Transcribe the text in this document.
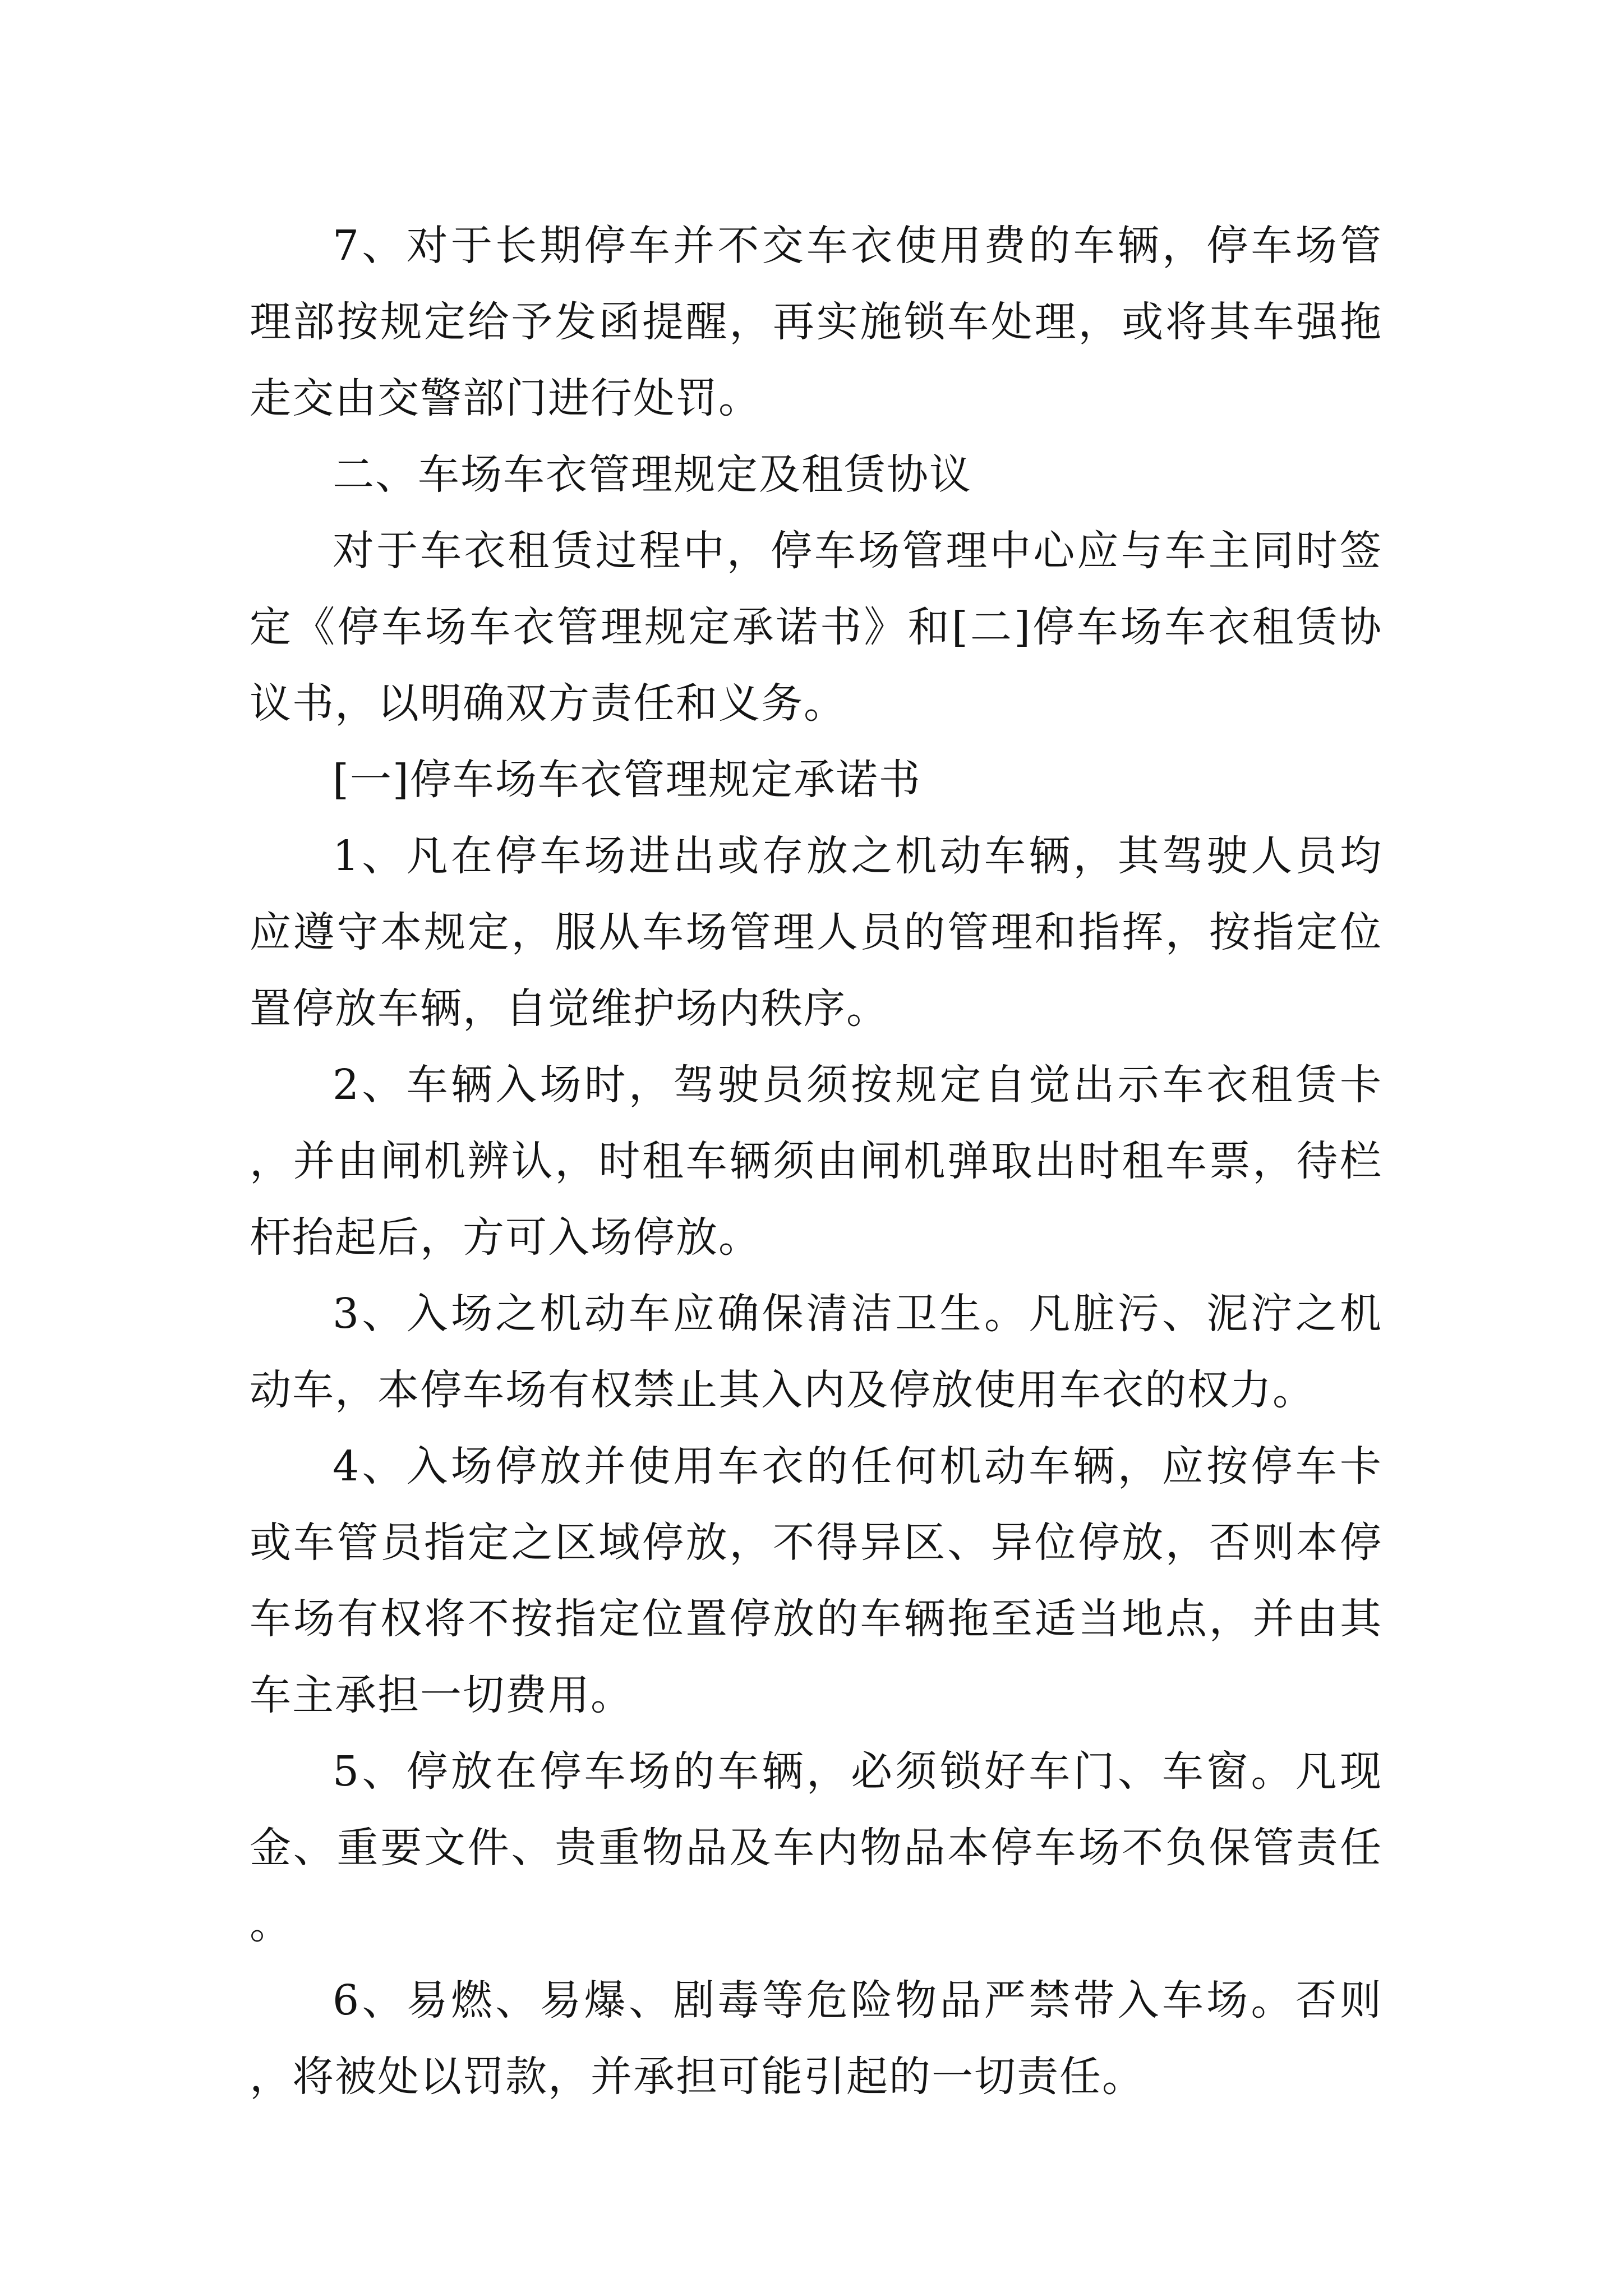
7、对于长期停车并不交车衣使用费的车辆，停车场管理部按规定给予发函提醒，再实施锁车处理，或将其车强拖走交由交警部门进行处罚。

二、车场车衣管理规定及租赁协议

对于车衣租赁过程中，停车场管理中心应与车主同时签定《停车场车衣管理规定承诺书》和[二]停车场车衣租赁协议书，以明确双方责任和义务。

[一]停车场车衣管理规定承诺书

1、凡在停车场进出或存放之机动车辆，其驾驶人员均应遵守本规定，服从车场管理人员的管理和指挥，按指定位置停放车辆，自觉维护场内秩序。

2、车辆入场时，驾驶员须按规定自觉出示车衣租赁卡，并由闸机辨认，时租车辆须由闸机弹取出时租车票，待栏杆抬起后，方可入场停放。

3、入场之机动车应确保清洁卫生。凡脏污、泥泞之机动车，本停车场有权禁止其入内及停放使用车衣的权力。

4、入场停放并使用车衣的任何机动车辆，应按停车卡或车管员指定之区域停放，不得异区、异位停放，否则本停车场有权将不按指定位置停放的车辆拖至适当地点，并由其车主承担一切费用。

5、停放在停车场的车辆，必须锁好车门、车窗。凡现金、重要文件、贵重物品及车内物品本停车场不负保管责任。

6、易燃、易爆、剧毒等危险物品严禁带入车场。否则，将被处以罚款，并承担可能引起的一切责任。
